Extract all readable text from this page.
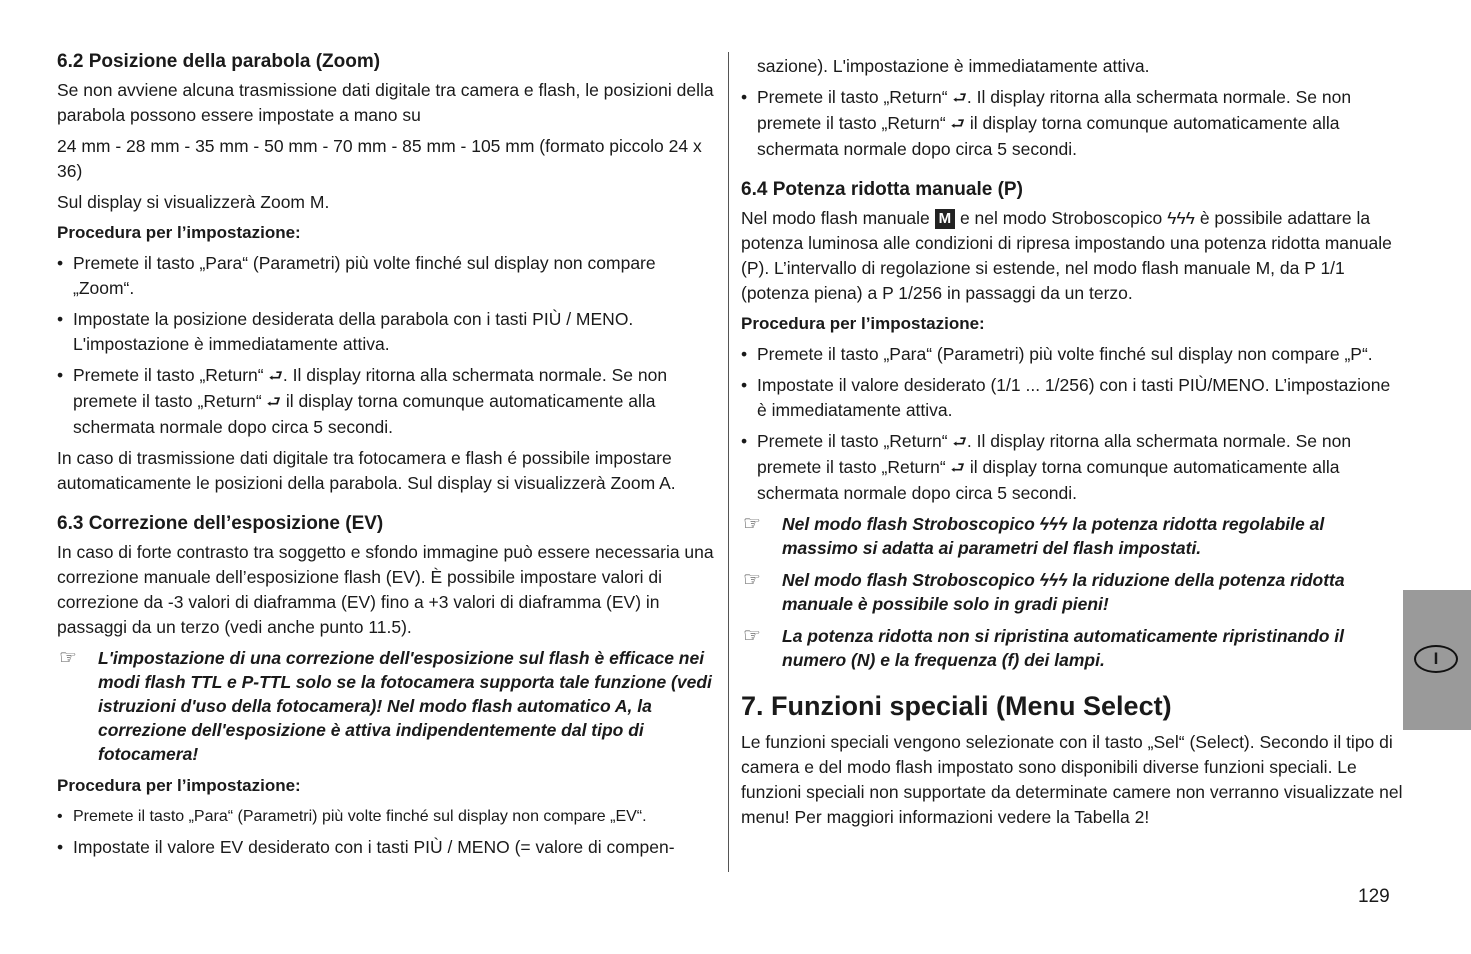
6.2 Posizione della parabola (Zoom)

Se non avviene alcuna trasmissione dati digitale tra camera e flash, le posizioni della parabola possono essere impostate a mano su

24 mm - 28 mm - 35 mm - 50 mm - 70 mm - 85 mm - 105 mm (formato piccolo 24 x 36)

Sul display si visualizzerà Zoom M.

Procedura per l’impostazione:
• Premete il tasto „Para“ (Parametri) più volte finché sul display non compare „Zoom“.
• Impostate la posizione desiderata della parabola con i tasti PIÙ / MENO. L'impostazione è immediatamente attiva.
• Premete il tasto „Return“ ⮐. Il display ritorna alla schermata normale. Se non premete il tasto „Return“ ⮐ il display torna comunque automaticamente alla schermata normale dopo circa 5 secondi.

In caso di trasmissione dati digitale tra fotocamera e flash é possibile impostare automaticamente le posizioni della parabola. Sul display si visualizzerà Zoom A.

6.3 Correzione dell’esposizione (EV)

In caso di forte contrasto tra soggetto e sfondo immagine può essere necessaria una correzione manuale dell’esposizione flash (EV). È possibile impostare valori di correzione da -3 valori di diaframma (EV) fino a +3 valori di diaframma (EV) in passaggi da un terzo (vedi anche punto 11.5).

☞ L'impostazione di una correzione dell'esposizione sul flash è efficace nei modi flash TTL e P-TTL solo se la fotocamera supporta tale funzione (vedi istruzioni d'uso della fotocamera)! Nel modo flash automatico A, la correzione dell'esposizione è attiva indipendentemente dal tipo di fotocamera!
Procedura per l’impostazione:
• Premete il tasto „Para“ (Parametri) più volte finché sul display non compare „EV“.
• Impostate il valore EV desiderato con i tasti PIÙ / MENO (= valore di compen-

sazione). L'impostazione è immediatamente attiva.

• Premete il tasto „Return“ ⮐. Il display ritorna alla schermata normale. Se non premete il tasto „Return“ ⮐ il display torna comunque automaticamente alla schermata normale dopo circa 5 secondi.
6.4 Potenza ridotta manuale (P)

Nel modo flash manuale M e nel modo Stroboscopico ϟϟϟ è possibile adattare la potenza luminosa alle condizioni di ripresa impostando una potenza ridotta manuale (P). L’intervallo di regolazione si estende, nel modo flash manuale M, da P 1/1 (potenza piena) a P 1/256 in passaggi da un terzo.

Procedura per l’impostazione:
• Premete il tasto „Para“ (Parametri) più volte finché sul display non compare „P“.
• Impostate il valore desiderato (1/1 ... 1/256) con i tasti PIÙ/MENO. L’impostazione è immediatamente attiva.
• Premete il tasto „Return“ ⮐. Il display ritorna alla schermata normale. Se non premete il tasto „Return“ ⮐ il display torna comunque automaticamente alla schermata normale dopo circa 5 secondi.
☞ Nel modo flash Stroboscopico ϟϟϟ la potenza ridotta regolabile al massimo si adatta ai parametri del flash impostati.
☞ Nel modo flash Stroboscopico ϟϟϟ la riduzione della potenza ridotta manuale è possibile solo in gradi pieni!
☞ La potenza ridotta non si ripristina automaticamente ripristinando il numero (N) e la frequenza (f) dei lampi.
7. Funzioni speciali (Menu Select)

Le funzioni speciali vengono selezionate con il tasto „Sel“ (Select). Secondo il tipo di camera e del modo flash impostato sono disponibili diverse funzioni speciali. Le funzioni speciali non supportate da determinate camere non verranno visualizzate nel menu! Per maggiori informazioni vedere la Tabella 2!

I
129
